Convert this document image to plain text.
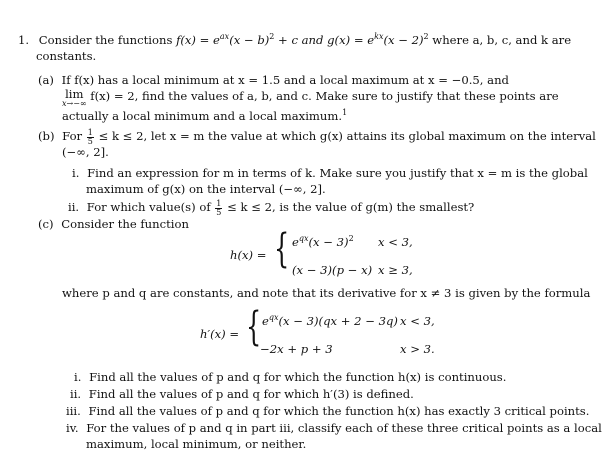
1. Consider the functions $f(x) = e^{ax}(x - b)^2 + c$ and $g(x) = e^{kx}(x - 2)^2$ where a, b, c, and k are
constants.
(a) If f(x) has a local minimum at x = 1.5 and a local maximum at x = −0.5, and
lim
x→−∞
f(x) = 2, find the values of a, b, and c. Make sure to justify that these points are
actually a local minimum and a local maximum.$^1$
(b) For $\frac{1}{5} \le k \le 2$, let x = m the value at which g(x) attains its global maximum on the interval
(−∞, 2].
i. Find an expression for m in terms of k. Make sure you justify that x = m is the global
maximum of g(x) on the interval (−∞, 2].
ii. For which value(s) of $\frac{1}{5} \le k \le 2$, is the value of g(m) the smallest?
(c) Consider the function
h(x) = { $e^{qx}(x - 3)^2$ x < 3,
(x − 3)(p − x) x ≥ 3,
where p and q are constants, and note that its derivative for x ≠ 3 is given by the formula
h′(x) = { $e^{qx}(x - 3)(qx + 2 - 3q) x < 3$,
−2x + p + 3	x > 3.
i. Find all the values of p and q for which the function h(x) is continuous.
ii. Find all the values of p and q for which h′(3) is defined.
iii. Find all the values of p and q for which the function h(x) has exactly 3 critical points.
iv. For the values of p and q in part iii, classify each of these three critical points as a local
maximum, local minimum, or neither.
